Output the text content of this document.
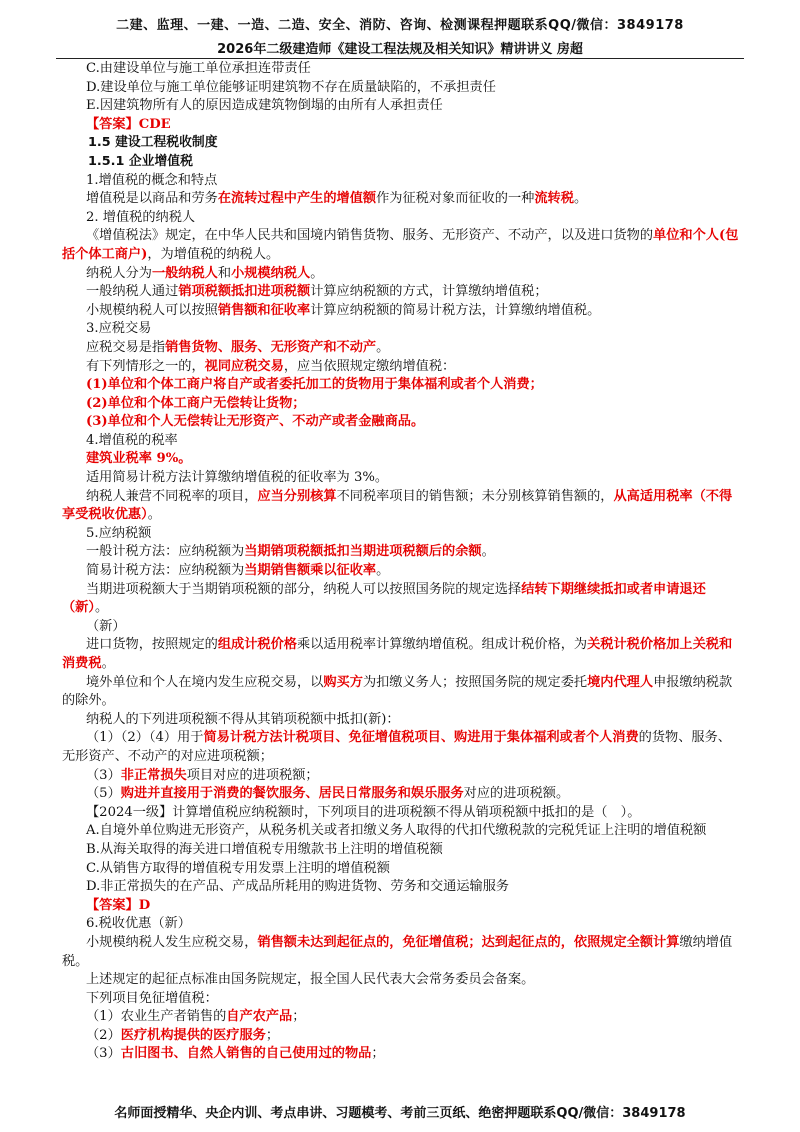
二建、监理、一建、一造、二造、安全、消防、咨询、检测课程押题联系QQ/微信：3849178
2026年二级建造师《建设工程法规及相关知识》精讲讲义 房超

C.由建设单位与施工单位承担连带责任

D.建设单位与施工单位能够证明建筑物不存在质量缺陷的，不承担责任

E.因建筑物所有人的原因造成建筑物倒塌的由所有人承担责任

【答案】CDE

1.5 建设工程税收制度

1.5.1 企业增值税

1.增值税的概念和特点

增值税是以商品和劳务在流转过程中产生的增值额作为征税对象而征收的一种流转税。

2. 增值税的纳税人

《增值税法》规定，在中华人民共和国境内销售货物、服务、无形资产、不动产，以及进口货物的单位和个人(包括个体工商户)，为增值税的纳税人。

纳税人分为一般纳税人和小规模纳税人。

一般纳税人通过销项税额抵扣进项税额计算应纳税额的方式，计算缴纳增值税；

小规模纳税人可以按照销售额和征收率计算应纳税额的简易计税方法，计算缴纳增值税。

3.应税交易

应税交易是指销售货物、服务、无形资产和不动产。

有下列情形之一的，视同应税交易，应当依照规定缴纳增值税：

(1)单位和个体工商户将自产或者委托加工的货物用于集体福利或者个人消费；

(2)单位和个体工商户无偿转让货物；

(3)单位和个人无偿转让无形资产、不动产或者金融商品。

4.增值税的税率

建筑业税率 9%。

适用简易计税方法计算缴纳增值税的征收率为 3%。

纳税人兼营不同税率的项目，应当分别核算不同税率项目的销售额；未分别核算销售额的，从高适用税率（不得享受税收优惠）。

5.应纳税额

一般计税方法：应纳税额为当期销项税额抵扣当期进项税额后的余额。

简易计税方法：应纳税额为当期销售额乘以征收率。

当期进项税额大于当期销项税额的部分，纳税人可以按照国务院的规定选择结转下期继续抵扣或者申请退还（新）。

（新）

进口货物，按照规定的组成计税价格乘以适用税率计算缴纳增值税。组成计税价格，为关税计税价格加上关税和消费税。

境外单位和个人在境内发生应税交易，以购买方为扣缴义务人；按照国务院的规定委托境内代理人申报缴纳税款的除外。

纳税人的下列进项税额不得从其销项税额中抵扣(新)：

（1）（2）（4）用于简易计税方法计税项目、免征增值税项目、购进用于集体福利或者个人消费的货物、服务、无形资产、不动产的对应进项税额；

（3）非正常损失项目对应的进项税额；

（5）购进并直接用于消费的餐饮服务、居民日常服务和娱乐服务对应的进项税额。

【2024一级】计算增值税应纳税额时，下列项目的进项税额不得从销项税额中抵扣的是（　）。

A.自境外单位购进无形资产，从税务机关或者扣缴义务人取得的代扣代缴税款的完税凭证上注明的增值税额

B.从海关取得的海关进口增值税专用缴款书上注明的增值税额

C.从销售方取得的增值税专用发票上注明的增值税额

D.非正常损失的在产品、产成品所耗用的购进货物、劳务和交通运输服务

【答案】D

6.税收优惠（新）

小规模纳税人发生应税交易，销售额未达到起征点的，免征增值税；达到起征点的，依照规定全额计算缴纳增值税。

上述规定的起征点标准由国务院规定，报全国人民代表大会常务委员会备案。

下列项目免征增值税：

（1）农业生产者销售的自产农产品；

（2）医疗机构提供的医疗服务；

（3）古旧图书、自然人销售的自己使用过的物品；

名师面授精华、央企内训、考点串讲、习题模考、考前三页纸、绝密押题联系QQ/微信：3849178
